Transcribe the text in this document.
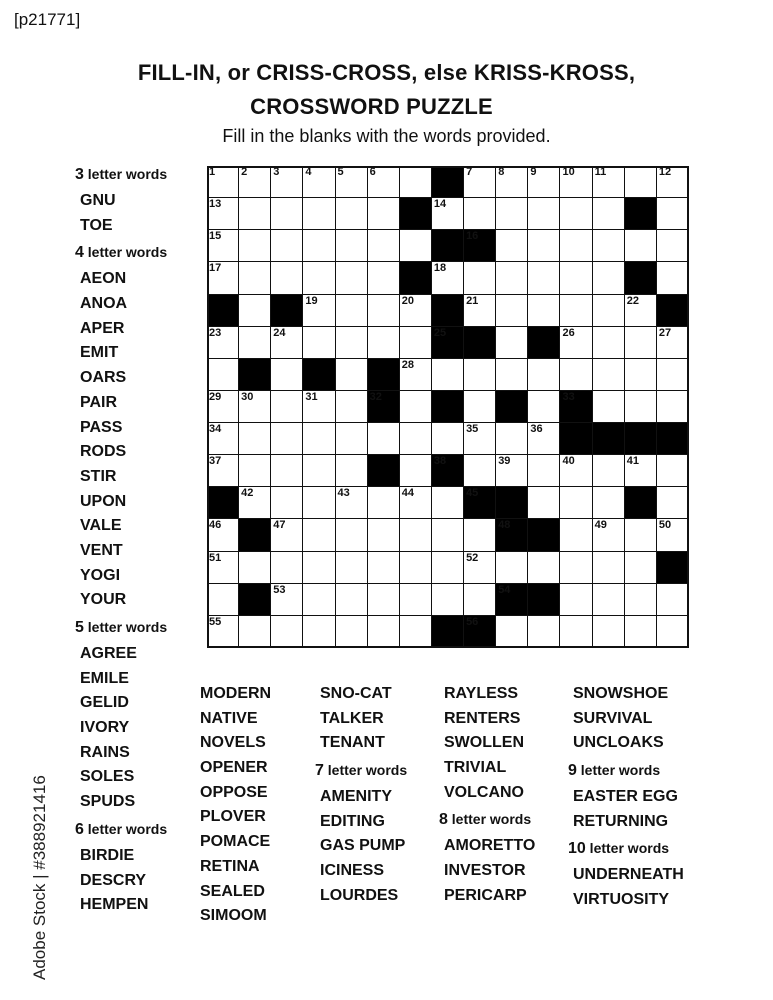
[p21771]
FILL-IN, or CRISS-CROSS, else KRISS-KROSS,
CROSSWORD PUZZLE
Fill in the blanks with the words provided.
1 2 3 4 5 6	7 8 9 10 11	12
13	14
15	16
17	18
19	20	21	22
23	24	25	26	27
28
29 30	31	32	33
34	35	36
37	38	39	40	41
42	43	44	45
46	47	48	49	50
51	52
53	54
55	56
3 letter words
GNU
TOE
4 letter words
AEON
ANOA
APER
EMIT
OARS
PAIR
PASS
RODS
STIR
UPON
VALE
VENT
YOGI
YOUR
5 letter words
AGREE
EMILE
GELID
IVORY
RAINS
SOLES
SPUDS
6 letter words
BIRDIE
DESCRY
HEMPEN
MODERN
NATIVE
NOVELS
OPENER
OPPOSE
PLOVER
POMACE
RETINA
SEALED
SIMOOM
SNO-CAT
TALKER
TENANT
7 letter words
AMENITY
EDITING
GAS PUMP
ICINESS
LOURDES
RAYLESS
RENTERS
SWOLLEN
TRIVIAL
VOLCANO
8 letter words
AMORETTO
INVESTOR
PERICARP
SNOWSHOE
SURVIVAL
UNCLOAKS
9 letter words
EASTER EGG
RETURNING
10 letter words
UNDERNEATH
VIRTUOSITY
Adobe Stock | #388921416
